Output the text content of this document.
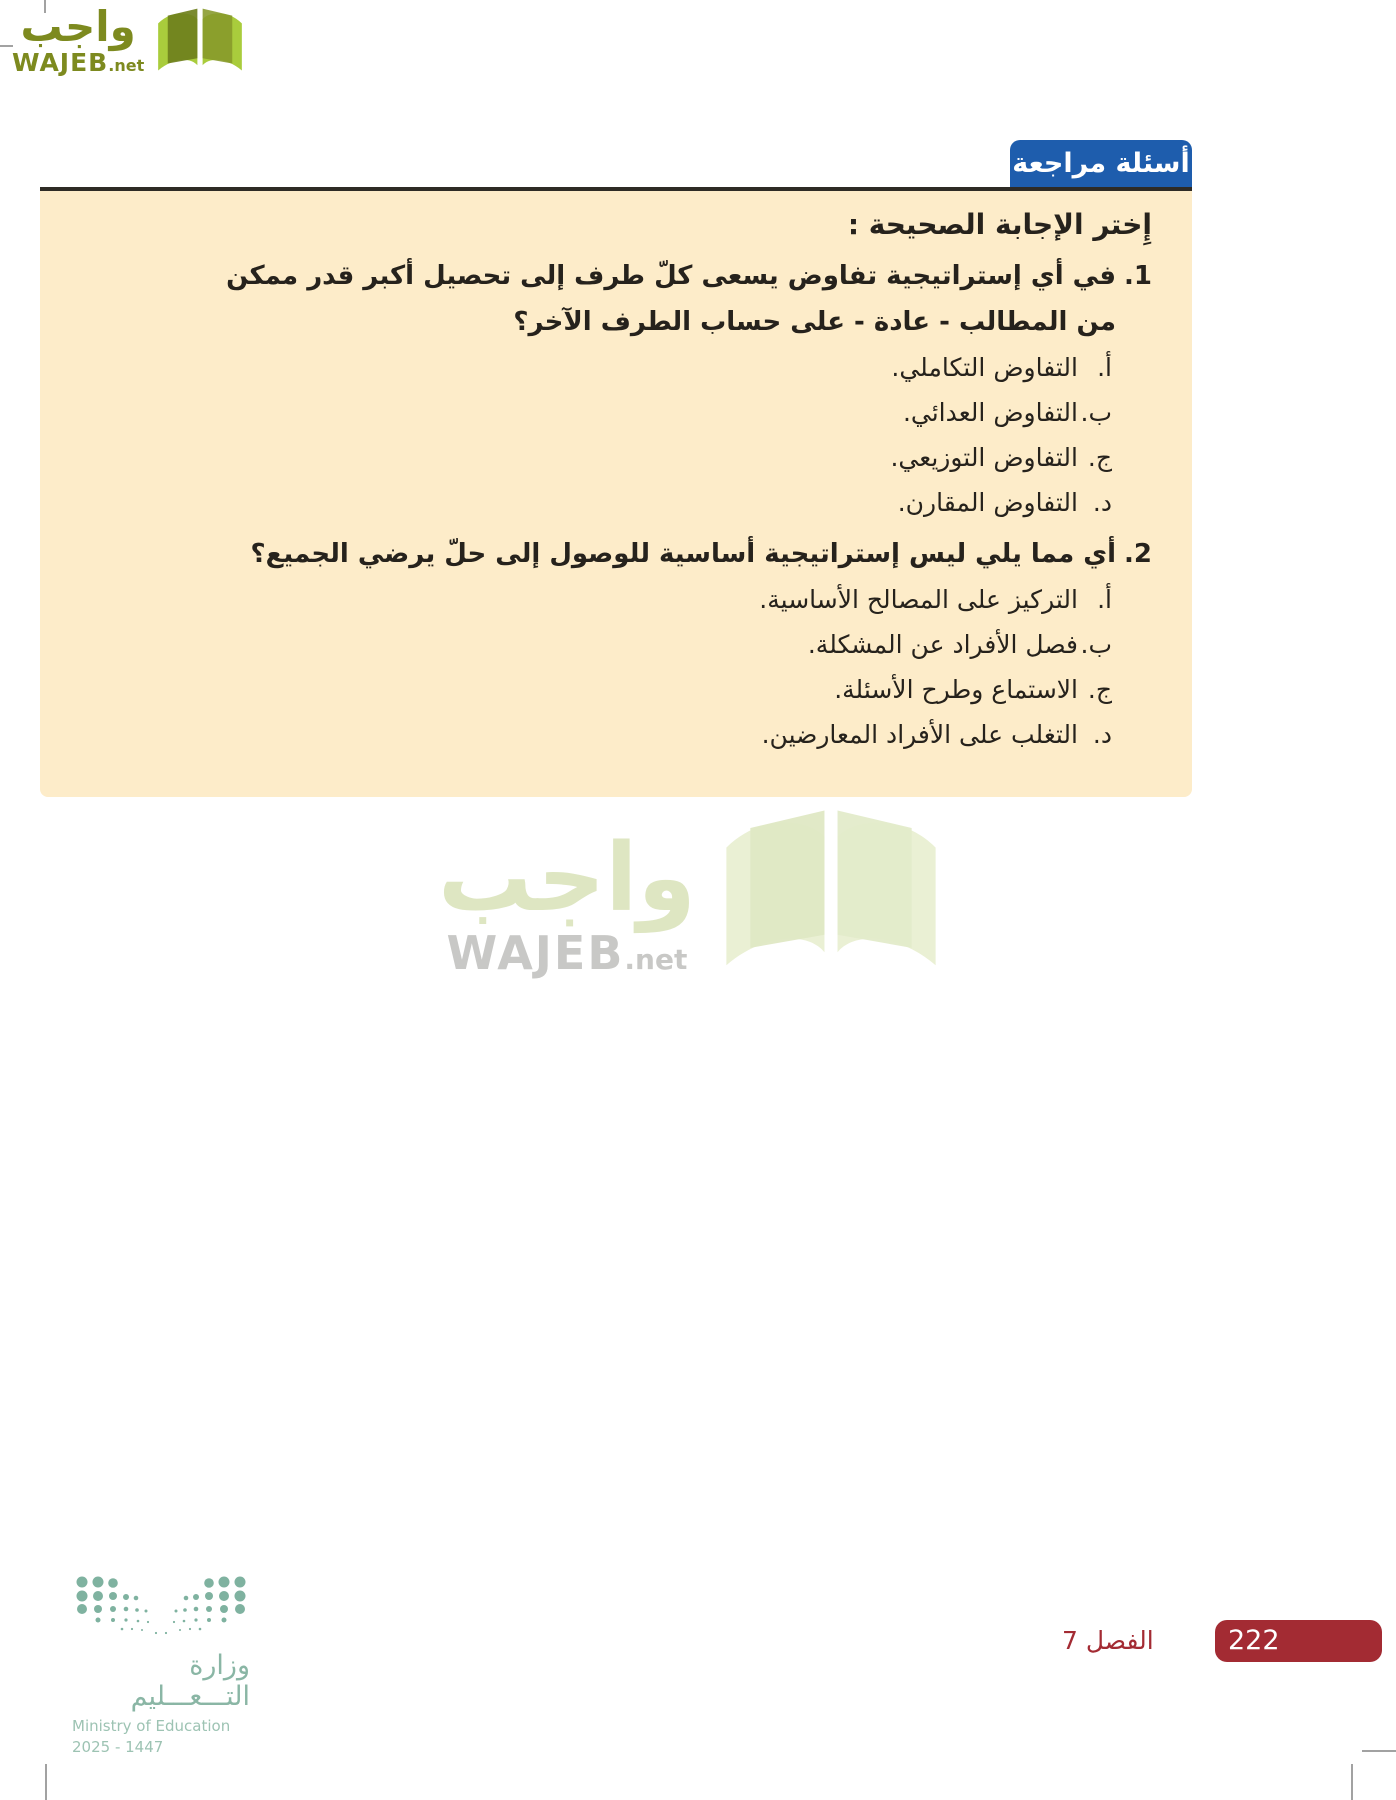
واجب
WAJEB.net
أسئلة مراجعة
إِختر الإجابة الصحيحة :
1.
في أي إستراتيجية تفاوض يسعى كلّ طرف إلى تحصيل أكبر قدر ممكن من المطالب - عادة - على حساب الطرف الآخر؟
أ.
التفاوض التكاملي.
ب.
التفاوض العدائي.
ج.
التفاوض التوزيعي.
د.
التفاوض المقارن.
2.
أي مما يلي ليس إستراتيجية أساسية للوصول إلى حلّ يرضي الجميع؟
أ.
التركيز على المصالح الأساسية.
ب.
فصل الأفراد عن المشكلة.
ج.
الاستماع وطرح الأسئلة.
د.
التغلب على الأفراد المعارضين.
واجب
WAJEB.net
وزارة التـــعـــليم
Ministry of Education
2025 - 1447
الفصل 7	222
